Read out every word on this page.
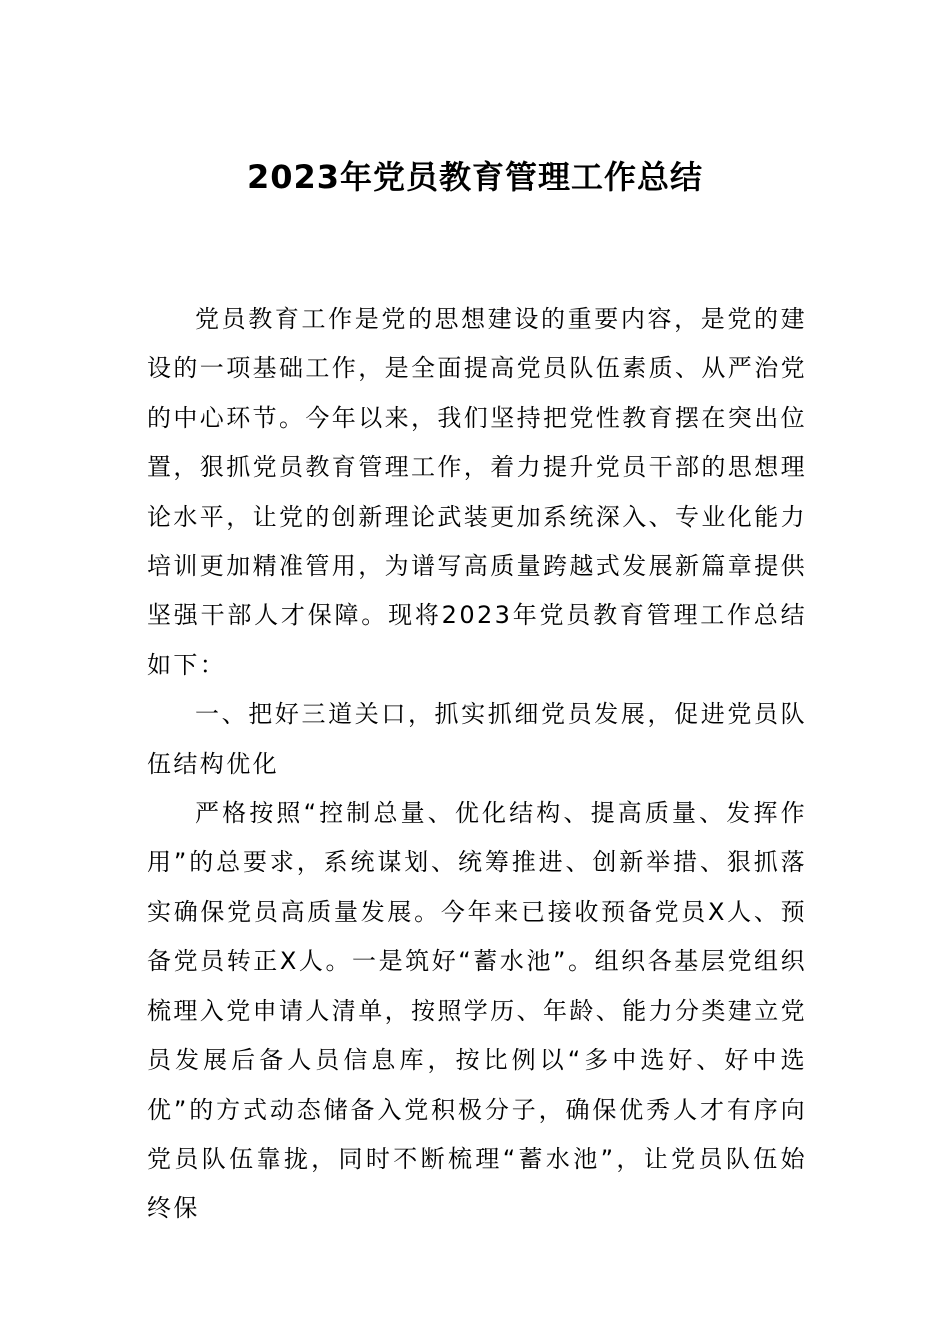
2023年党员教育管理工作总结

党员教育工作是党的思想建设的重要内容，是党的建设的一项基础工作，是全面提高党员队伍素质、从严治党的中心环节。今年以来，我们坚持把党性教育摆在突出位置，狠抓党员教育管理工作，着力提升党员干部的思想理论水平，让党的创新理论武装更加系统深入、专业化能力培训更加精准管用，为谱写高质量跨越式发展新篇章提供坚强干部人才保障。现将2023年党员教育管理工作总结如下：

一、把好三道关口，抓实抓细党员发展，促进党员队伍结构优化

严格按照“控制总量、优化结构、提高质量、发挥作用”的总要求，系统谋划、统筹推进、创新举措、狠抓落实确保党员高质量发展。今年来已接收预备党员X人、预备党员转正X人。一是筑好“蓄水池”。组织各基层党组织梳理入党申请人清单，按照学历、年龄、能力分类建立党员发展后备人员信息库，按比例以“多中选好、好中选优”的方式动态储备入党积极分子，确保优秀人才有序向党员队伍靠拢，同时不断梳理“蓄水池”，让党员队伍始终保
